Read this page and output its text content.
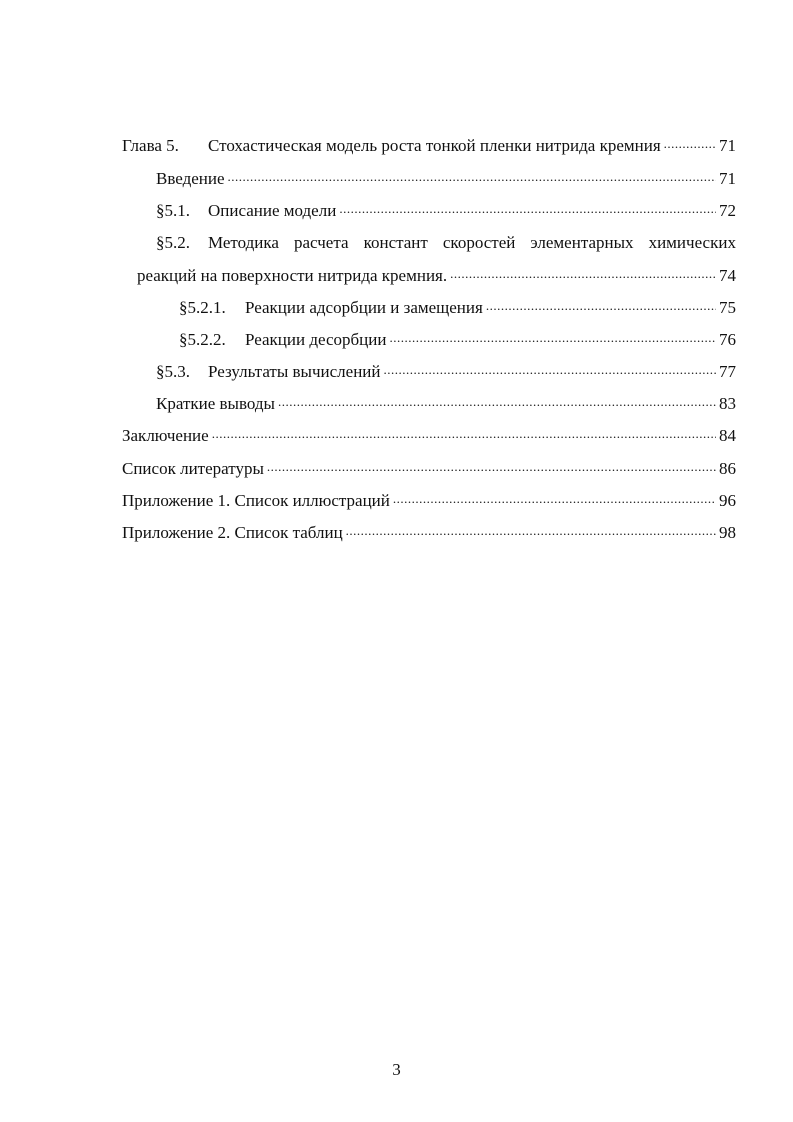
Глава 5.	Стохастическая модель роста тонкой пленки нитрида кремния .....	71
Введение .....	71
§5.1.	Описание модели .....	72
§5.2.	Методика расчета констант скоростей элементарных химических
реакций на поверхности нитрида кремния. .....	74
§5.2.1.	Реакции адсорбции и замещения .....	75
§5.2.2.	Реакции десорбции .....	76
§5.3.	Результаты вычислений .....	77
Краткие выводы .....	83
Заключение .....	84
Список литературы .....	86
Приложение 1. Список иллюстраций .....	96
Приложение 2. Список таблиц .....	98
3
